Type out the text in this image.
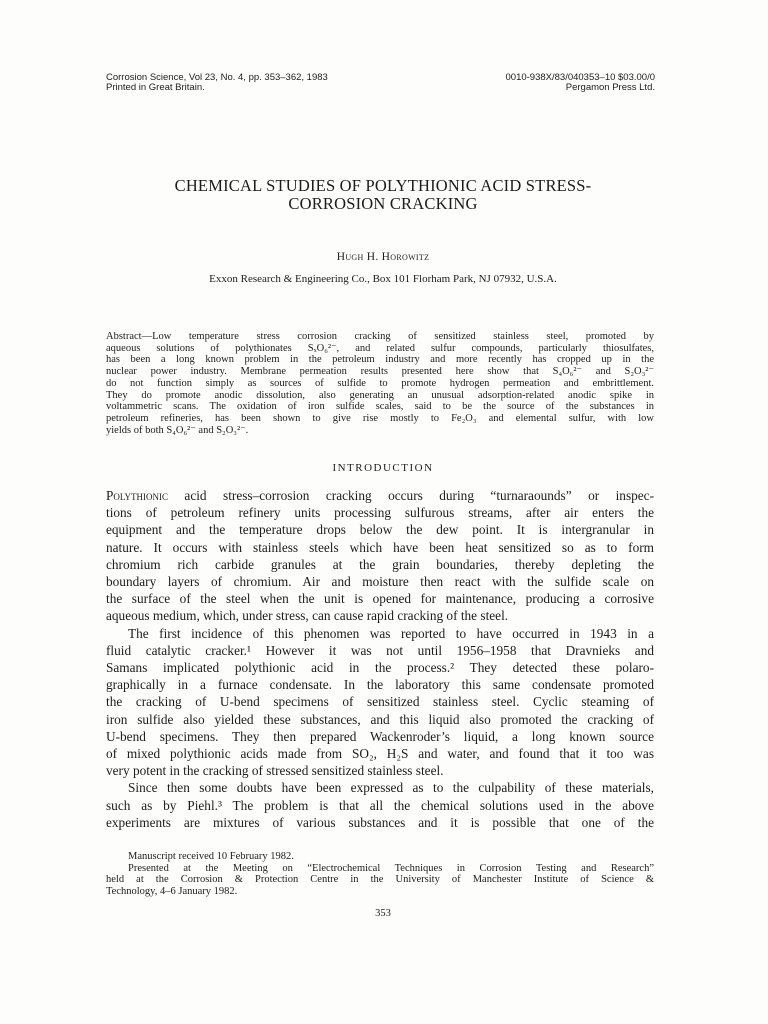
Corrosion Science, Vol 23, No. 4, pp. 353–362, 1983
Printed in Great Britain.
0010-938X/83/040353–10 $03.00/0
Pergamon Press Ltd.
CHEMICAL STUDIES OF POLYTHIONIC ACID STRESS-
CORROSION CRACKING
Hugh H. Horowitz
Exxon Research & Engineering Co., Box 101 Florham Park, NJ 07932, U.S.A.
Abstract—Low temperature stress corrosion cracking of sensitized stainless steel, promoted by
aqueous solutions of polythionates SₓO₆²⁻, and related sulfur compounds, particularly thiosulfates,
has been a long known problem in the petroleum industry and more recently has cropped up in the
nuclear power industry. Membrane permeation results presented here show that S₄O₆²⁻ and S₂O₃²⁻
do not function simply as sources of sulfide to promote hydrogen permeation and embrittlement.
They do promote anodic dissolution, also generating an unusual adsorption-related anodic spike in
voltammetric scans. The oxidation of iron sulfide scales, said to be the source of the substances in
petroleum refineries, has been shown to give rise mostly to Fe₂O₃ and elemental sulfur, with low
yields of both S₄O₆²⁻ and S₂O₃²⁻.
INTRODUCTION
Polythionic acid stress–corrosion cracking occurs during “turnaraounds” or inspec-
tions of petroleum refinery units processing sulfurous streams, after air enters the
equipment and the temperature drops below the dew point. It is intergranular in
nature. It occurs with stainless steels which have been heat sensitized so as to form
chromium rich carbide granules at the grain boundaries, thereby depleting the
boundary layers of chromium. Air and moisture then react with the sulfide scale on
the surface of the steel when the unit is opened for maintenance, producing a corrosive
aqueous medium, which, under stress, can cause rapid cracking of the steel.
The first incidence of this phenomen was reported to have occurred in 1943 in a
fluid catalytic cracker.¹ However it was not until 1956–1958 that Dravnieks and
Samans implicated polythionic acid in the process.² They detected these polaro-
graphically in a furnace condensate. In the laboratory this same condensate promoted
the cracking of U-bend specimens of sensitized stainless steel. Cyclic steaming of
iron sulfide also yielded these substances, and this liquid also promoted the cracking of
U-bend specimens. They then prepared Wackenroder’s liquid, a long known source
of mixed polythionic acids made from SO₂, H₂S and water, and found that it too was
very potent in the cracking of stressed sensitized stainless steel.
Since then some doubts have been expressed as to the culpability of these materials,
such as by Piehl.³ The problem is that all the chemical solutions used in the above
experiments are mixtures of various substances and it is possible that one of the
Manuscript received 10 February 1982.
Presented at the Meeting on “Electrochemical Techniques in Corrosion Testing and Research”
held at the Corrosion & Protection Centre in the University of Manchester Institute of Science &
Technology, 4–6 January 1982.
353
